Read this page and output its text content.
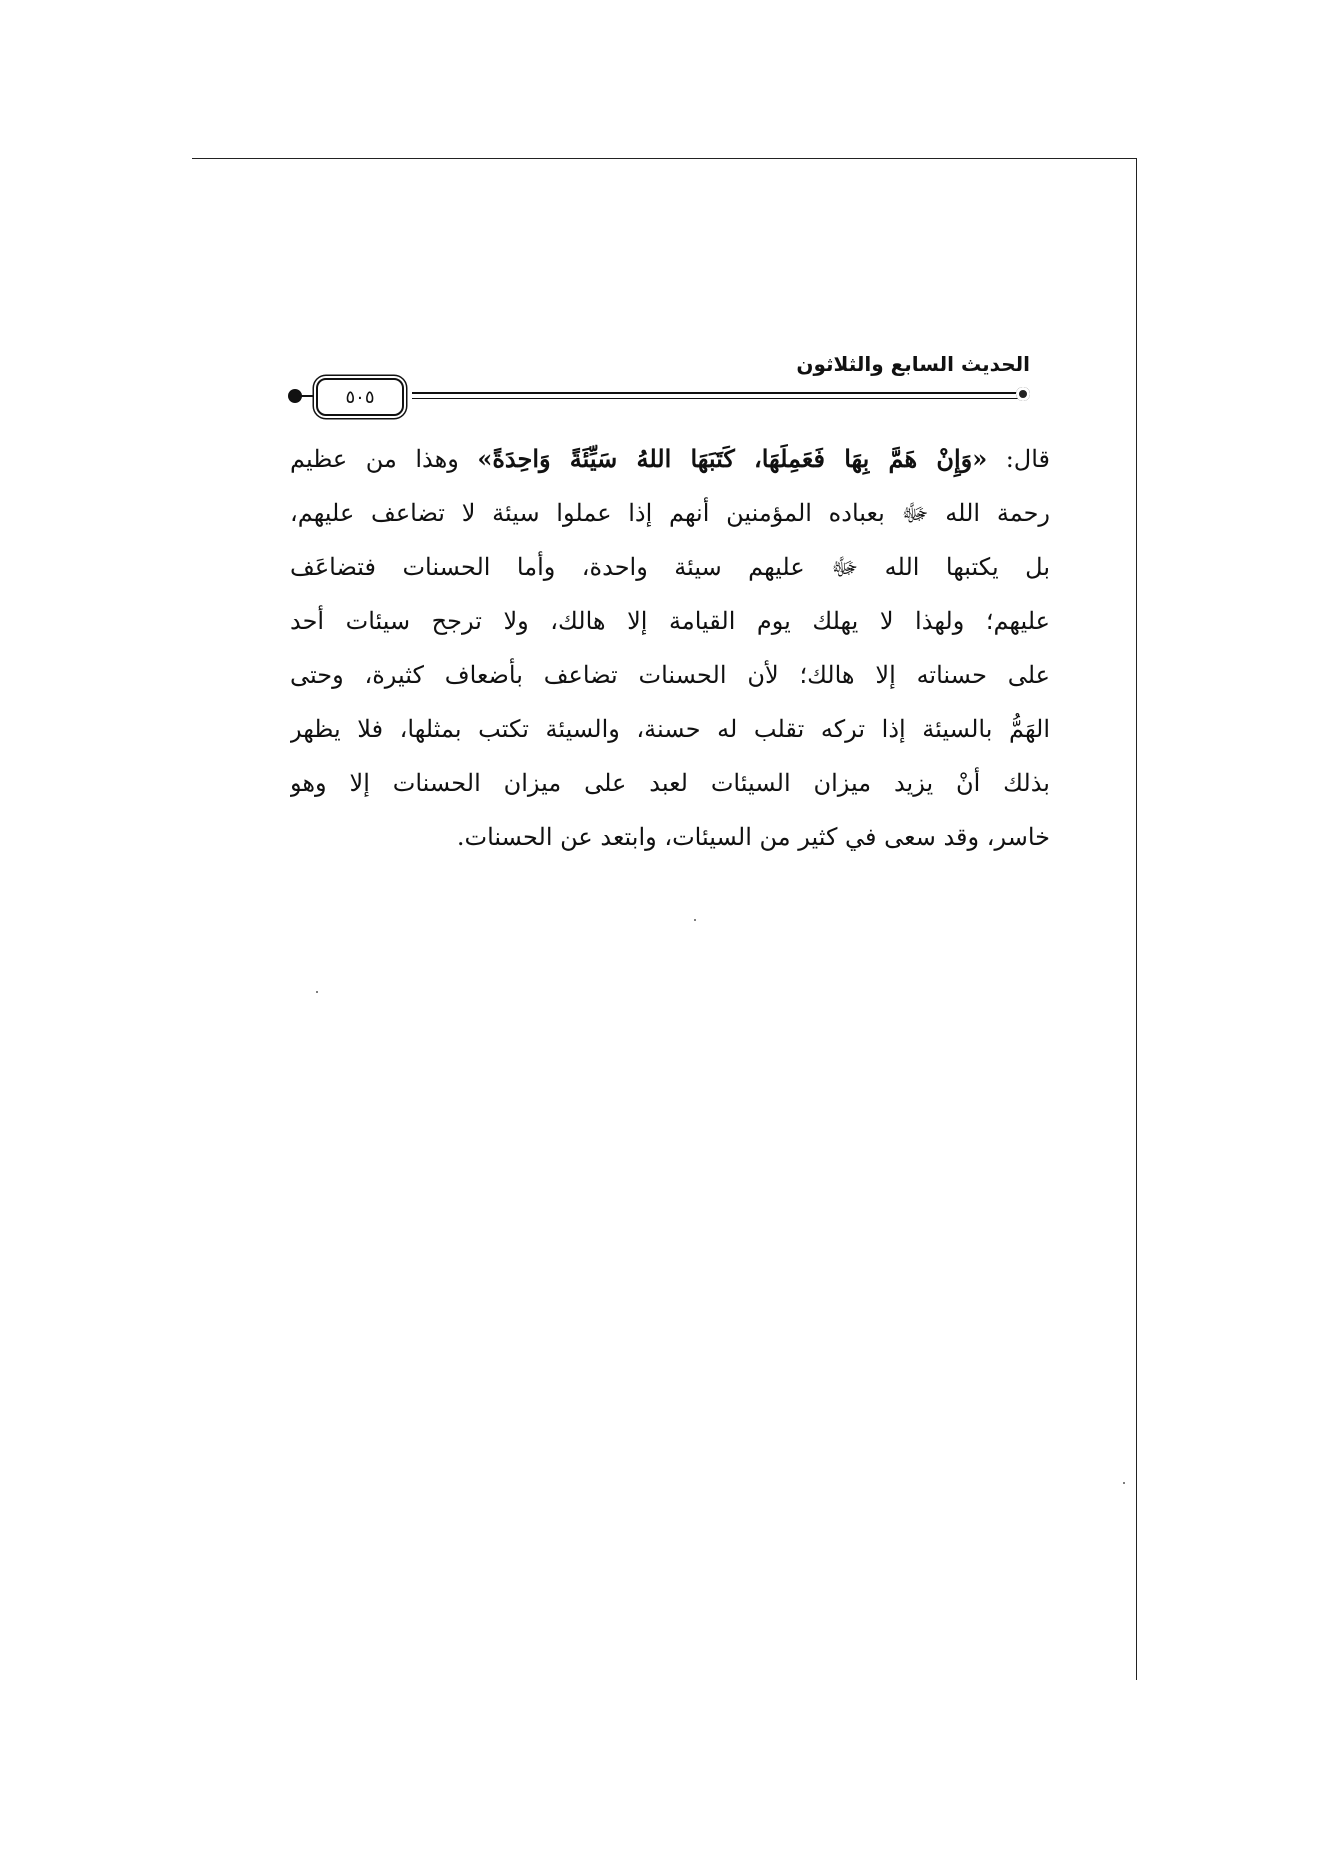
الحديث السابع والثلاثون
٥٠٥
قال: «وَإِنْ هَمَّ بِهَا فَعَمِلَهَا، كَتَبَهَا اللهُ سَيِّئَةً وَاحِدَةً» وهذا من عظيم
رحمة الله ﷻ بعباده المؤمنين أنهم إذا عملوا سيئة لا تضاعف عليهم،
بل يكتبها الله ﷻ عليهم سيئة واحدة، وأما الحسنات فتضاعَف
عليهم؛ ولهذا لا يهلك يوم القيامة إلا هالك، ولا ترجح سيئات أحد
على حسناته إلا هالك؛ لأن الحسنات تضاعف بأضعاف كثيرة، وحتى
الهَمُّ بالسيئة إذا تركه تقلب له حسنة، والسيئة تكتب بمثلها، فلا يظهر
بذلك أنْ يزيد ميزان السيئات لعبد على ميزان الحسنات إلا وهو
خاسر، وقد سعى في كثير من السيئات، وابتعد عن الحسنات.
